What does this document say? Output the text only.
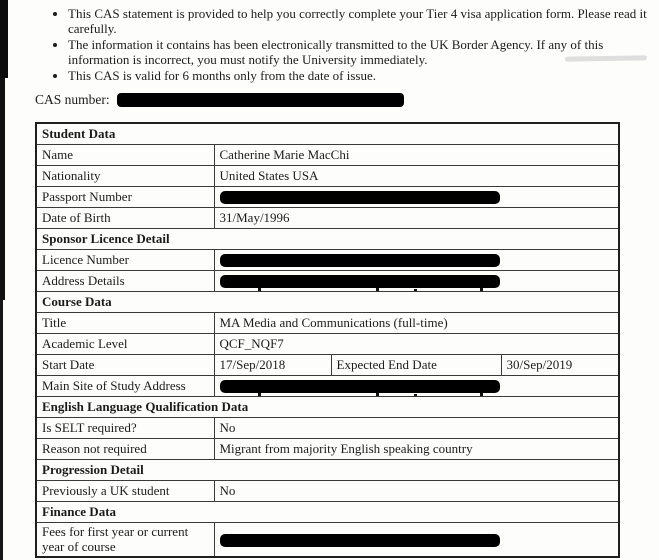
• This CAS statement is provided to help you correctly complete your Tier 4 visa application form. Please read it carefully.
• The information it contains has been electronically transmitted to the UK Border Agency. If any of this information is incorrect, you must notify the University immediately.
• This CAS is valid for 6 months only from the date of issue.
CAS number:
Student Data			
Name	Catherine Marie MacChi		
Nationality	United States USA		
Passport Number			
Date of Birth	31/May/1996		
Sponsor Licence Detail			
Licence Number			
Address Details			
Course Data			
Title	MA Media and Communications (full-time)		
Academic Level	QCF_NQF7		
Start Date	17/Sep/2018	Expected End Date	30/Sep/2019
Main Site of Study Address			
English Language Qualification Data			
Is SELT required?	No		
Reason not required	Migrant from majority English speaking country		
Progression Detail			
Previously a UK student	No		
Finance Data			
Fees for first year or current year of course			
